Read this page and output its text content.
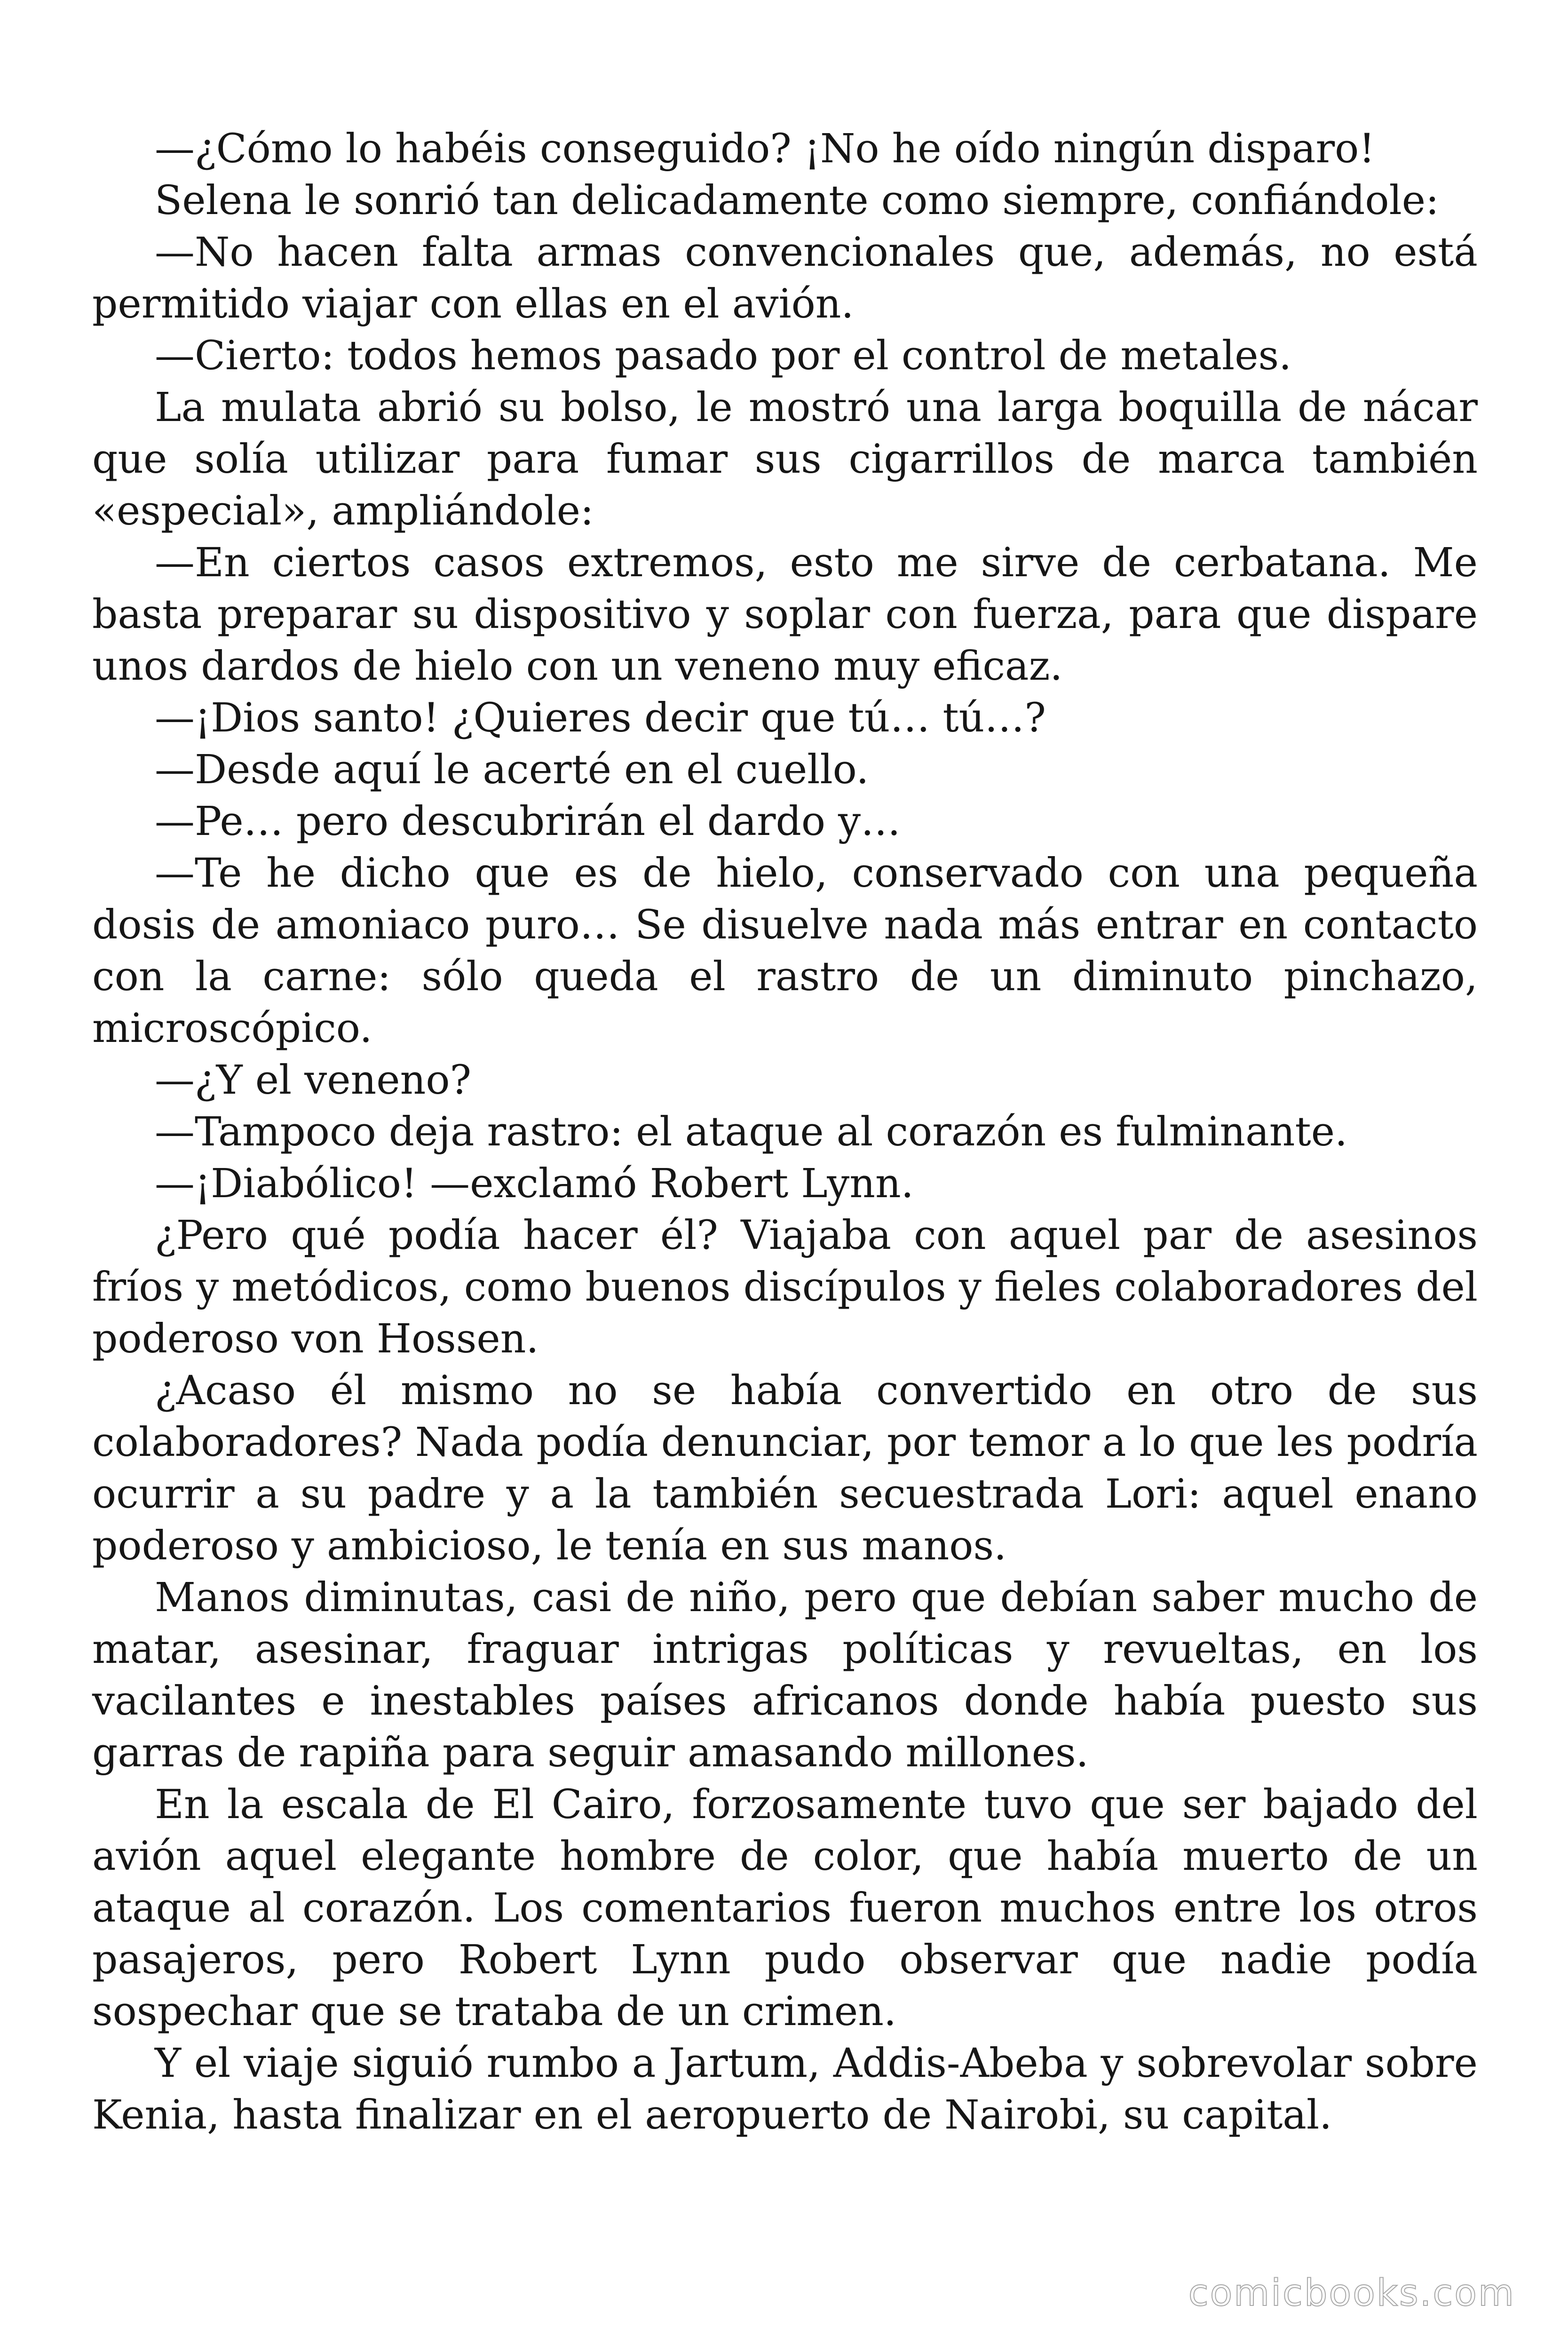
—¿Cómo lo habéis conseguido? ¡No he oído ningún disparo!

Selena le sonrió tan delicadamente como siempre, confiándole:

—No hacen falta armas convencionales que, además, no está permitido viajar con ellas en el avión.

—Cierto: todos hemos pasado por el control de metales.

La mulata abrió su bolso, le mostró una larga boquilla de nácar que solía utilizar para fumar sus cigarrillos de marca también «especial», ampliándole:

—En ciertos casos extremos, esto me sirve de cerbatana. Me basta preparar su dispositivo y soplar con fuerza, para que dispare unos dardos de hielo con un veneno muy eficaz.

—¡Dios santo! ¿Quieres decir que tú… tú…?

—Desde aquí le acerté en el cuello.

—Pe… pero descubrirán el dardo y…

—Te he dicho que es de hielo, conservado con una pequeña dosis de amoniaco puro… Se disuelve nada más entrar en contacto con la carne: sólo queda el rastro de un diminuto pinchazo, microscópico.

—¿Y el veneno?

—Tampoco deja rastro: el ataque al corazón es fulminante.

—¡Diabólico! —exclamó Robert Lynn.

¿Pero qué podía hacer él? Viajaba con aquel par de asesinos fríos y metódicos, como buenos discípulos y fieles colaboradores del poderoso von Hossen.

¿Acaso él mismo no se había convertido en otro de sus colaboradores? Nada podía denunciar, por temor a lo que les podría ocurrir a su padre y a la también secuestrada Lori: aquel enano poderoso y ambicioso, le tenía en sus manos.

Manos diminutas, casi de niño, pero que debían saber mucho de matar, asesinar, fraguar intrigas políticas y revueltas, en los vacilantes e inestables países africanos donde había puesto sus garras de rapiña para seguir amasando millones.

En la escala de El Cairo, forzosamente tuvo que ser bajado del avión aquel elegante hombre de color, que había muerto de un ataque al corazón. Los comentarios fueron muchos entre los otros pasajeros, pero Robert Lynn pudo observar que nadie podía sospechar que se trataba de un crimen.

Y el viaje siguió rumbo a Jartum, Addis-Abeba y sobrevolar sobre Kenia, hasta finalizar en el aeropuerto de Nairobi, su capital.

comicbooks.com
